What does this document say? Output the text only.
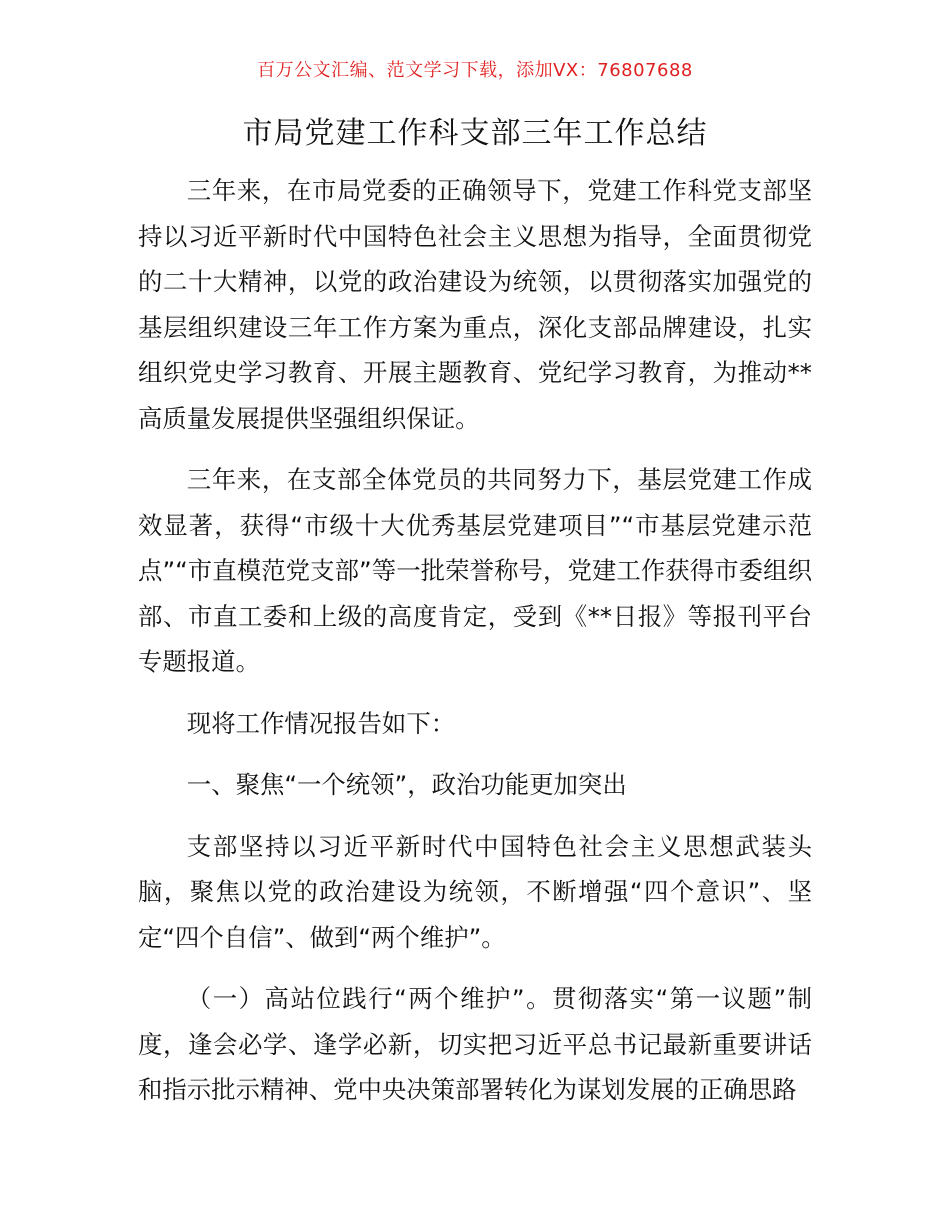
百万公文汇编、范文学习下载，添加VX：76807688
市局党建工作科支部三年工作总结

三年来，在市局党委的正确领导下，党建工作科党支部坚持以习近平新时代中国特色社会主义思想为指导，全面贯彻党的二十大精神，以党的政治建设为统领，以贯彻落实加强党的基层组织建设三年工作方案为重点，深化支部品牌建设，扎实组织党史学习教育、开展主题教育、党纪学习教育，为推动**高质量发展提供坚强组织保证。

三年来，在支部全体党员的共同努力下，基层党建工作成效显著，获得“市级十大优秀基层党建项目”“市基层党建示范点”“市直模范党支部”等一批荣誉称号，党建工作获得市委组织部、市直工委和上级的高度肯定，受到《**日报》等报刊平台专题报道。

现将工作情况报告如下：

一、聚焦“一个统领”，政治功能更加突出

支部坚持以习近平新时代中国特色社会主义思想武装头脑，聚焦以党的政治建设为统领，不断增强“四个意识”、坚定“四个自信”、做到“两个维护”。

（一）高站位践行“两个维护”。贯彻落实“第一议题”制度，逢会必学、逢学必新，切实把习近平总书记最新重要讲话和指示批示精神、党中央决策部署转化为谋划发展的正确思路
